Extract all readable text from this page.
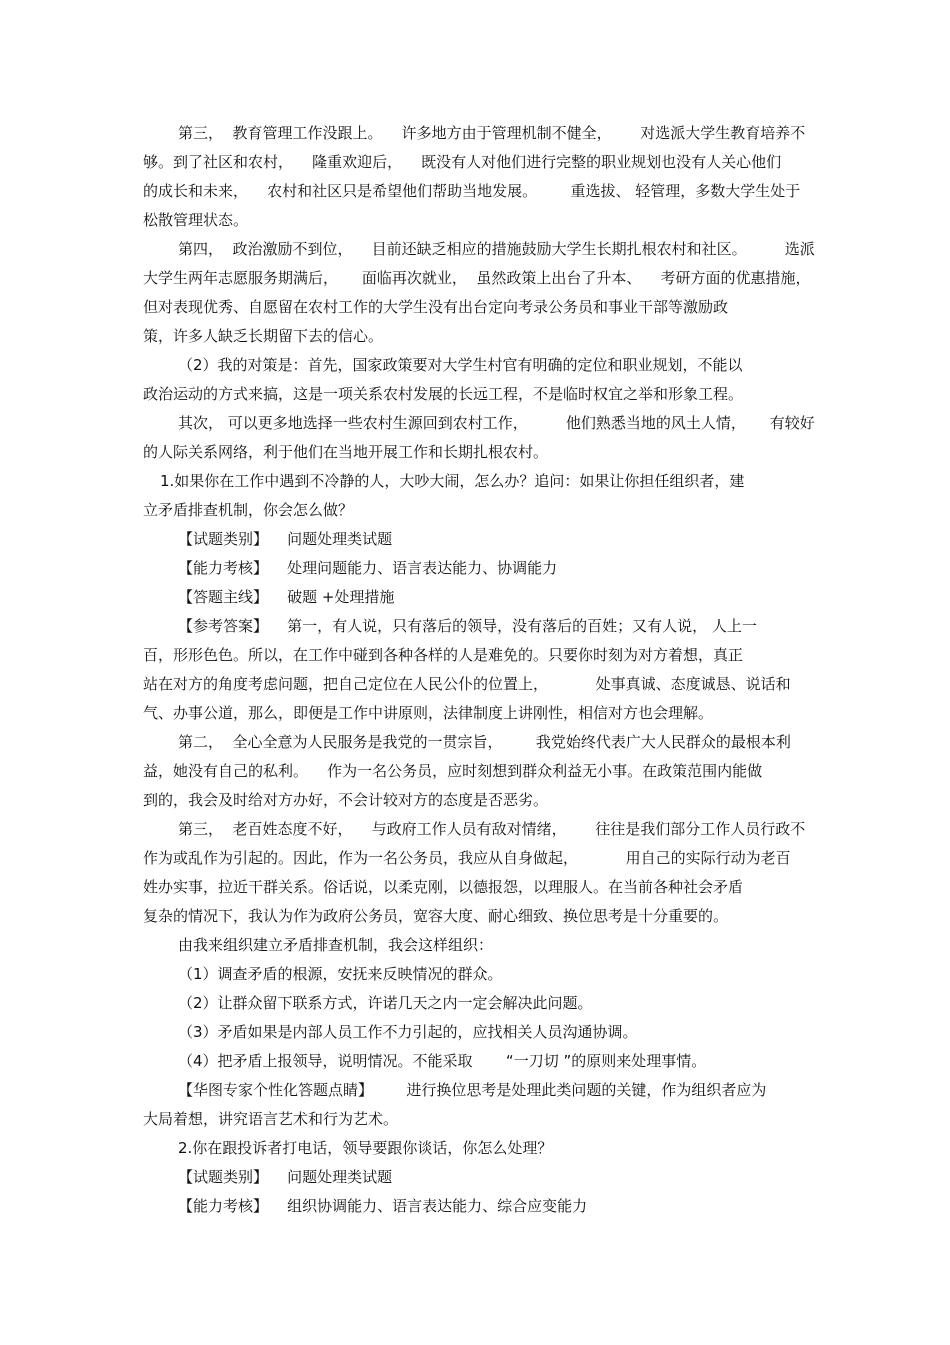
第三，  教育管理工作没跟上。    许多地方由于管理机制不健全，      对选派大学生教育培养不
够。到了社区和农村，    隆重欢迎后，    既没有人对他们进行完整的职业规划也没有人关心他们
的成长和未来，    农村和社区只是希望他们帮助当地发展。       重选拔、 轻管理，多数大学生处于
松散管理状态。
第四，  政治激励不到位，    目前还缺乏相应的措施鼓励大学生长期扎根农村和社区。        选派
大学生两年志愿服务期满后，     面临再次就业，  虽然政策上出台了升本、    考研方面的优惠措施，
但对表现优秀、自愿留在农村工作的大学生没有出台定向考录公务员和事业干部等激励政
策，许多人缺乏长期留下去的信心。
（2）我的对策是：首先，国家政策要对大学生村官有明确的定位和职业规划，不能以
政治运动的方式来搞，这是一项关系农村发展的长远工程，不是临时权宜之举和形象工程。
其次， 可以更多地选择一些农村生源回到农村工作，        他们熟悉当地的风土人情，     有较好
的人际关系网络，利于他们在当地开展工作和长期扎根农村。
1.如果你在工作中遇到不冷静的人，大吵大闹，怎么办？追问：如果让你担任组织者，建
立矛盾排查机制，你会怎么做？
【试题类别】    问题处理类试题
【能力考核】    处理问题能力、语言表达能力、协调能力
【答题主线】    破题 +处理措施
【参考答案】    第一，有人说，只有落后的领导，没有落后的百姓；又有人说， 人上一
百，形形色色。所以，在工作中碰到各种各样的人是难免的。只要你时刻为对方着想，真正
站在对方的角度考虑问题，把自己定位在人民公仆的位置上，          处事真诚、态度诚恳、说话和
气、办事公道，那么，即便是工作中讲原则，法律制度上讲刚性，相信对方也会理解。
第二，  全心全意为人民服务是我党的一贯宗旨，       我党始终代表广大人民群众的最根本利
益，她没有自己的私利。    作为一名公务员，应时刻想到群众利益无小事。在政策范围内能做
到的，我会及时给对方办好，不会计较对方的态度是否恶劣。
第三，  老百姓态度不好，    与政府工作人员有敌对情绪，      往往是我们部分工作人员行政不
作为或乱作为引起的。因此，作为一名公务员，我应从自身做起，          用自己的实际行动为老百
姓办实事，拉近干群关系。俗话说，以柔克刚，以德报怨，以理服人。在当前各种社会矛盾
复杂的情况下，我认为作为政府公务员，宽容大度、耐心细致、换位思考是十分重要的。
由我来组织建立矛盾排查机制，我会这样组织：
（1）调查矛盾的根源，安抚来反映情况的群众。
（2）让群众留下联系方式，许诺几天之内一定会解决此问题。
（3）矛盾如果是内部人员工作不力引起的，应找相关人员沟通协调。
（4）把矛盾上报领导，说明情况。不能采取       “一刀切 ”的原则来处理事情。
【华图专家个性化答题点睛】       进行换位思考是处理此类问题的关键，作为组织者应为
大局着想，讲究语言艺术和行为艺术。
2.你在跟投诉者打电话，领导要跟你谈话，你怎么处理？
【试题类别】    问题处理类试题
【能力考核】    组织协调能力、语言表达能力、综合应变能力
